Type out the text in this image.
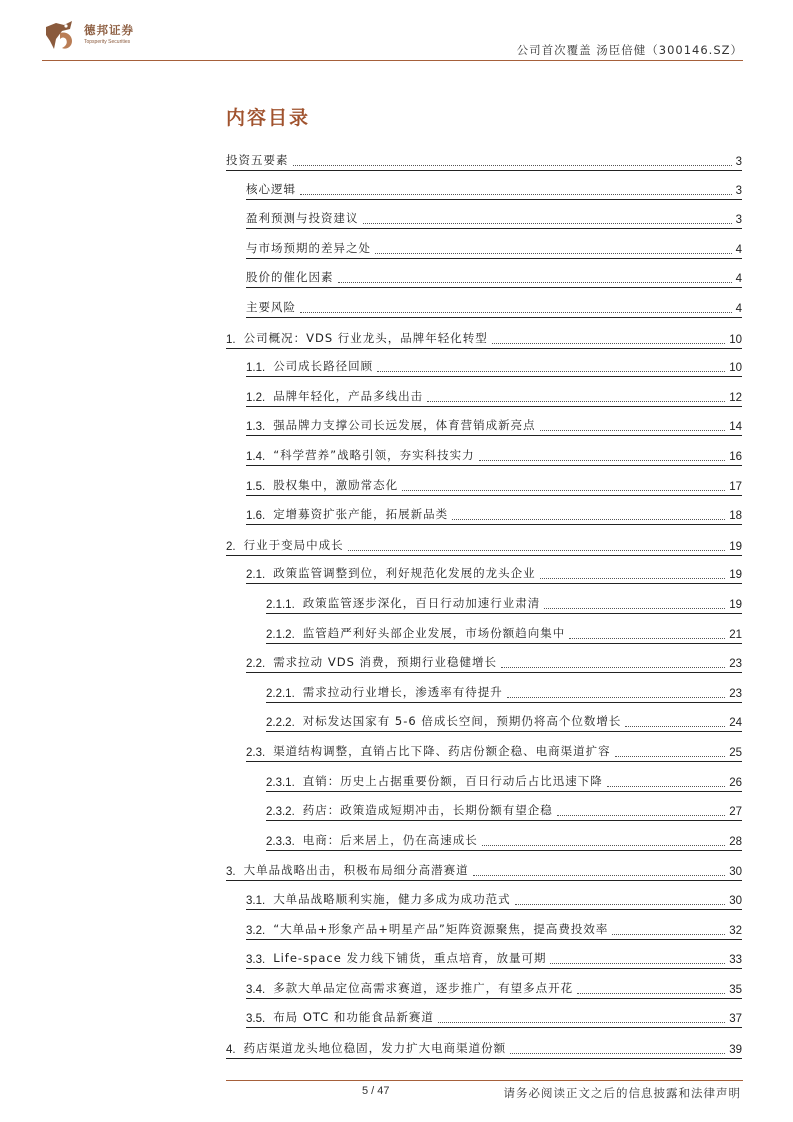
德邦证券
Topsperity Securities
公司首次覆盖 汤臣倍健（300146.SZ）
内容目录
投资五要素	3
核心逻辑	3
盈利预测与投资建议	3
与市场预期的差异之处	4
股价的催化因素	4
主要风险	4
1. 公司概况：VDS 行业龙头，品牌年轻化转型	10
1.1. 公司成长路径回顾	10
1.2. 品牌年轻化，产品多线出击	12
1.3. 强品牌力支撑公司长远发展，体育营销成新亮点	14
1.4. “科学营养”战略引领，夯实科技实力	16
1.5. 股权集中，激励常态化	17
1.6. 定增募资扩张产能，拓展新品类	18
2. 行业于变局中成长	19
2.1. 政策监管调整到位，利好规范化发展的龙头企业	19
2.1.1. 政策监管逐步深化，百日行动加速行业肃清	19
2.1.2. 监管趋严利好头部企业发展，市场份额趋向集中	21
2.2. 需求拉动 VDS 消费，预期行业稳健增长	23
2.2.1. 需求拉动行业增长，渗透率有待提升	23
2.2.2. 对标发达国家有 5-6 倍成长空间，预期仍将高个位数增长	24
2.3. 渠道结构调整，直销占比下降、药店份额企稳、电商渠道扩容	25
2.3.1. 直销：历史上占据重要份额，百日行动后占比迅速下降	26
2.3.2. 药店：政策造成短期冲击，长期份额有望企稳	27
2.3.3. 电商：后来居上，仍在高速成长	28
3. 大单品战略出击，积极布局细分高潜赛道	30
3.1. 大单品战略顺利实施，健力多成为成功范式	30
3.2. “大单品+形象产品+明星产品”矩阵资源聚焦，提高费投效率	32
3.3. Life-space 发力线下铺货，重点培育，放量可期	33
3.4. 多款大单品定位高需求赛道，逐步推广，有望多点开花	35
3.5. 布局 OTC 和功能食品新赛道	37
4. 药店渠道龙头地位稳固，发力扩大电商渠道份额	39
5 / 47	请务必阅读正文之后的信息披露和法律声明
